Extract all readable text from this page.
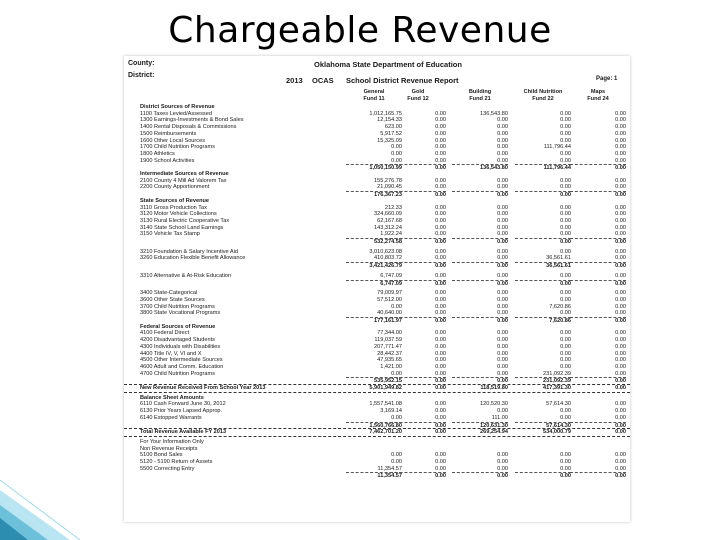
Chargeable Revenue
County:
District:
Oklahoma State Department of Education
2013 OCAS School District Revenue Report	Page: 1
General
Fund 11
Gold
Fund 12
Building
Fund 21
Child Nutrition
Fund 22
Maps
Fund 24
District Sources of Revenue
1100 Taxes Levied/Assessed	1,012,165.75	0.00	136,543.80	0.00	0.00
1300 Earnings-Investments & Bond Sales	12,154.33	0.00	0.00	0.00	0.00
1400 Rental Disposals & Commissions	623.00	0.00	0.00	0.00	0.00
1500 Reimbursements	5,917.52	0.00	0.00	0.00	0.00
1600 Other Local Sources	15,325.09	0.00	0.00	0.00	0.00
1700 Child Nutrition Programs	0.00	0.00	0.00	111,796.44	0.00
1800 Athletics	0.00	0.00	0.00	0.00	0.00
1900 School Activities	0.00	0.00	0.00	0.00	0.00
1,050,150.99	0.00	136,543.80	111,796.44	0.00
Intermediate Sources of Revenue
2100 County 4 Mill Ad Valorem Tax	155,276.78	0.00	0.00	0.00	0.00
2200 County Apportionment	21,090.45	0.00	0.00	0.00	0.00
176,367.23	0.00	0.00	0.00	0.00
State Sources of Revenue
3110 Gross Production Tax	212.33	0.00	0.00	0.00	0.00
3120 Motor Vehicle Collections	324,660.09	0.00	0.00	0.00	0.00
3130 Rural Electric Cooperative Tax	62,167.68	0.00	0.00	0.00	0.00
3140 State School Land Earnings	143,312.24	0.00	0.00	0.00	0.00
3150 Vehicle Tax Stamp	1,922.24	0.00	0.00	0.00	0.00
532,274.58	0.00	0.00	0.00	0.00
3210 Foundation & Salary Incentive Aid	3,010,623.08	0.00	0.00	0.00	0.00
3260 Education Flexible Benefit Allowance	410,803.72	0.00	0.00	36,561.61	0.00
3,421,426.79	0.00	0.00	36,561.61	0.00
3310 Alternative & At-Risk Education	6,747.09	0.00	0.00	0.00	0.00
6,747.09	0.00	0.00	0.00	0.00
3400 State-Categorical	79,009.97	0.00	0.00	0.00	0.00
3600 Other State Sources	57,512.00	0.00	0.00	0.00	0.00
3700 Child Nutrition Programs	0.00	0.00	0.00	7,620.86	0.00
3800 State Vocational Programs	40,640.00	0.00	0.00	0.00	0.00
177,161.97	0.00	0.00	7,620.86	0.00
Federal Sources of Revenue
4100 Federal Direct	77,344.00	0.00	0.00	0.00	0.00
4200 Disadvantaged Students	119,037.59	0.00	0.00	0.00	0.00
4300 Individuals with Disabilities	207,771.47	0.00	0.00	0.00	0.00
4400 Title IV, V, VI and X	28,442.37	0.00	0.00	0.00	0.00
4500 Other Intermediate Sources	47,935.65	0.00	0.00	0.00	0.00
4600 Adult and Comm. Education	1,421.00	0.00	0.00	0.00	0.00
4700 Child Nutrition Programs	0.00	0.00	0.00	231,092.39	0.00
535,952.15	0.00	0.00	231,092.39	0.00
New Revenue Received From School Year 2013	5,901,949.82	0.00	118,519.80	417,391.30	0.00
Balance Sheet Amounts
6110 Cash Forward June 30, 2012	1,557,541.08	0.00	120,520.30	57,614.30	0.00
6130 Prior Years Lapsed Approp.	3,169.14	0.00	0.00	0.00	0.00
6140 Estopped Warrants	0.00	0.00	111.00	0.00	0.00
1,560,766.80	0.00	120,631.30	57,614.30	0.00
Total Revenue Available FY 2013	7,462,701.20	0.00	269,254.94	534,000.79	0.00
For Your Information Only
Non Revenue Receipts
5100 Bond Sales	0.00	0.00	0.00	0.00	0.00
5120 - 5190 Return of Assets	0.00	0.00	0.00	0.00	0.00
5500 Correcting Entry	11,354.57	0.00	0.00	0.00	0.00
11,354.57	0.00	0.00	0.00	0.00
